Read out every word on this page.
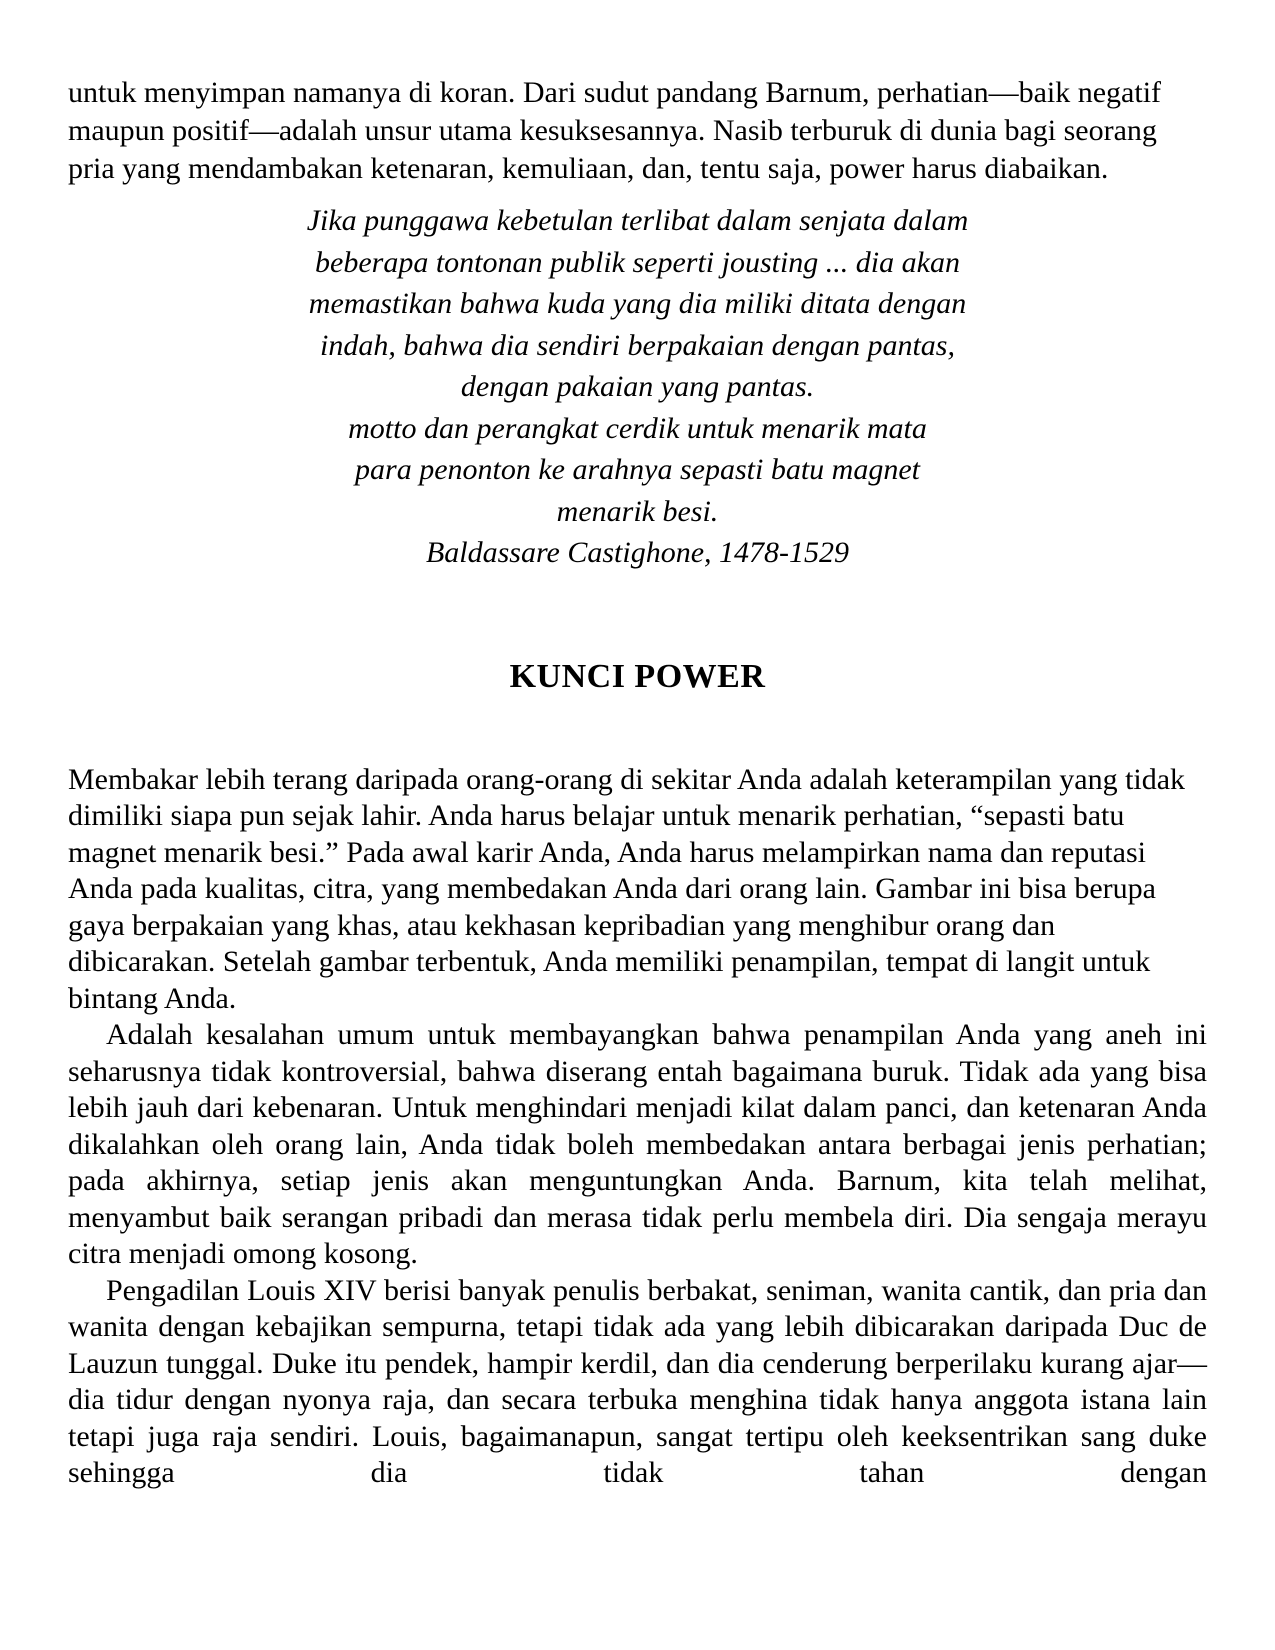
untuk menyimpan namanya di koran. Dari sudut pandang Barnum, perhatian—baik negatif maupun positif—adalah unsur utama kesuksesannya. Nasib terburuk di dunia bagi seorang pria yang mendambakan ketenaran, kemuliaan, dan, tentu saja, power harus diabaikan.

Jika punggawa kebetulan terlibat dalam senjata dalam
beberapa tontonan publik seperti jousting ... dia akan
memastikan bahwa kuda yang dia miliki ditata dengan
indah, bahwa dia sendiri berpakaian dengan pantas,
dengan pakaian yang pantas.
motto dan perangkat cerdik untuk menarik mata
para penonton ke arahnya sepasti batu magnet
menarik besi.
Baldassare Castighone, 1478-1529
KUNCI POWER

Membakar lebih terang daripada orang-orang di sekitar Anda adalah keterampilan yang tidak dimiliki siapa pun sejak lahir. Anda harus belajar untuk menarik perhatian, “sepasti batu magnet menarik besi.” Pada awal karir Anda, Anda harus melampirkan nama dan reputasi Anda pada kualitas, citra, yang membedakan Anda dari orang lain. Gambar ini bisa berupa gaya berpakaian yang khas, atau kekhasan kepribadian yang menghibur orang dan dibicarakan. Setelah gambar terbentuk, Anda memiliki penampilan, tempat di langit untuk bintang Anda.

Adalah kesalahan umum untuk membayangkan bahwa penampilan Anda yang aneh ini seharusnya tidak kontroversial, bahwa diserang entah bagaimana buruk. Tidak ada yang bisa lebih jauh dari kebenaran. Untuk menghindari menjadi kilat dalam panci, dan ketenaran Anda dikalahkan oleh orang lain, Anda tidak boleh membedakan antara berbagai jenis perhatian; pada akhirnya, setiap jenis akan menguntungkan Anda. Barnum, kita telah melihat, menyambut baik serangan pribadi dan merasa tidak perlu membela diri. Dia sengaja merayu citra menjadi omong kosong.

Pengadilan Louis XIV berisi banyak penulis berbakat, seniman, wanita cantik, dan pria dan wanita dengan kebajikan sempurna, tetapi tidak ada yang lebih dibicarakan daripada Duc de Lauzun tunggal. Duke itu pendek, hampir kerdil, dan dia cenderung berperilaku kurang ajar—dia tidur dengan nyonya raja, dan secara terbuka menghina tidak hanya anggota istana lain tetapi juga raja sendiri. Louis, bagaimanapun, sangat tertipu oleh keeksentrikan sang duke sehingga dia tidak tahan dengan
